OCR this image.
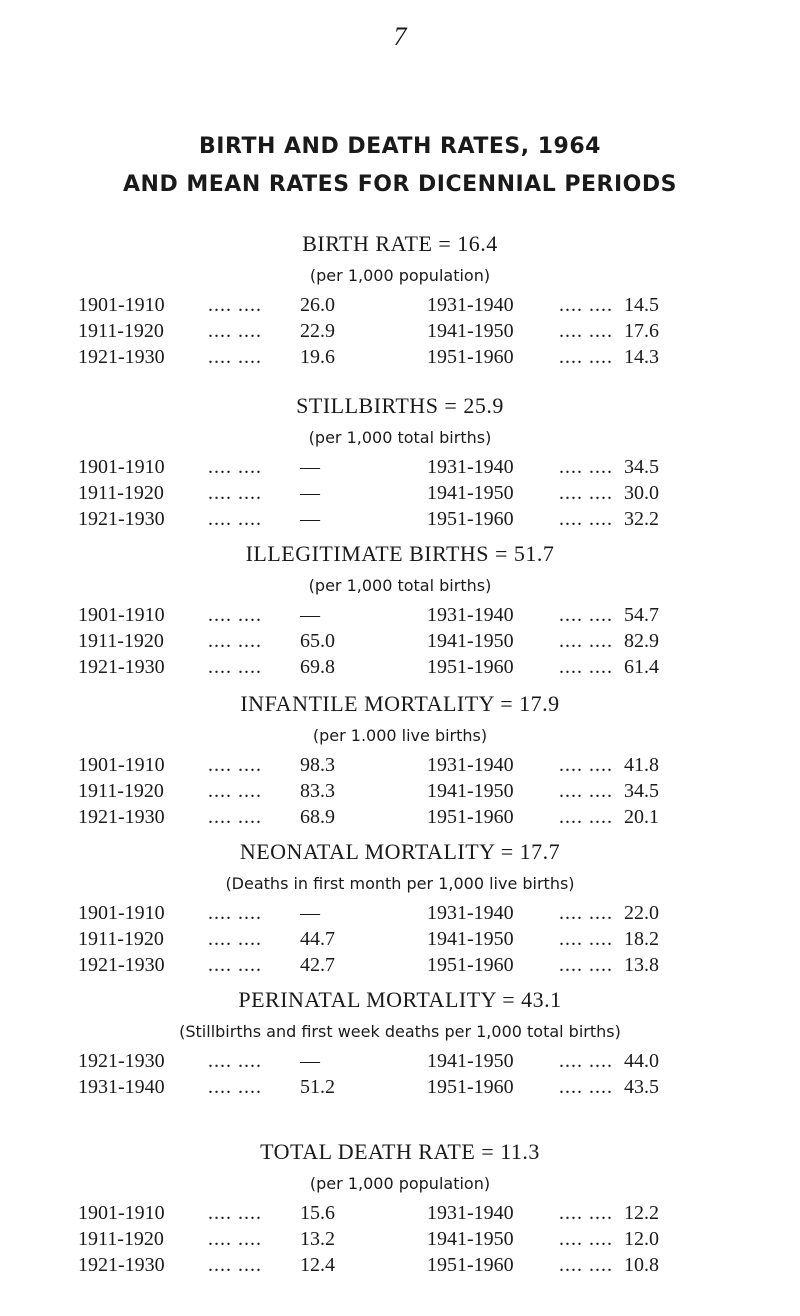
7
BIRTH AND DEATH RATES, 1964
AND MEAN RATES FOR DICENNIAL PERIODS
BIRTH RATE = 16.4
(per 1,000 population)
1901-1910 .... .... 26.0	1931-1940 .... .... 14.5
1911-1920 .... .... 22.9	1941-1950 .... .... 17.6
1921-1930 .... .... 19.6	1951-1960 .... .... 14.3
STILLBIRTHS = 25.9
(per 1,000 total births)
1901-1910 .... .... —	1931-1940 .... .... 34.5
1911-1920 .... .... —	1941-1950 .... .... 30.0
1921-1930 .... .... —	1951-1960 .... .... 32.2
ILLEGITIMATE BIRTHS = 51.7
(per 1,000 total births)
1901-1910 .... .... —	1931-1940 .... .... 54.7
1911-1920 .... .... 65.0	1941-1950 .... .... 82.9
1921-1930 .... .... 69.8	1951-1960 .... .... 61.4
INFANTILE MORTALITY = 17.9
(per 1.000 live births)
1901-1910 .... .... 98.3	1931-1940 .... .... 41.8
1911-1920 .... .... 83.3	1941-1950 .... .... 34.5
1921-1930 .... .... 68.9	1951-1960 .... .... 20.1
NEONATAL MORTALITY = 17.7
(Deaths in first month per 1,000 live births)
1901-1910 .... .... —	1931-1940 .... .... 22.0
1911-1920 .... .... 44.7	1941-1950 .... .... 18.2
1921-1930 .... .... 42.7	1951-1960 .... .... 13.8
PERINATAL MORTALITY = 43.1
(Stillbirths and first week deaths per 1,000 total births)
1921-1930 .... .... —	1941-1950 .... .... 44.0
1931-1940 .... .... 51.2	1951-1960 .... .... 43.5
TOTAL DEATH RATE = 11.3
(per 1,000 population)
1901-1910 .... .... 15.6	1931-1940 .... .... 12.2
1911-1920 .... .... 13.2	1941-1950 .... .... 12.0
1921-1930 .... .... 12.4	1951-1960 .... .... 10.8
